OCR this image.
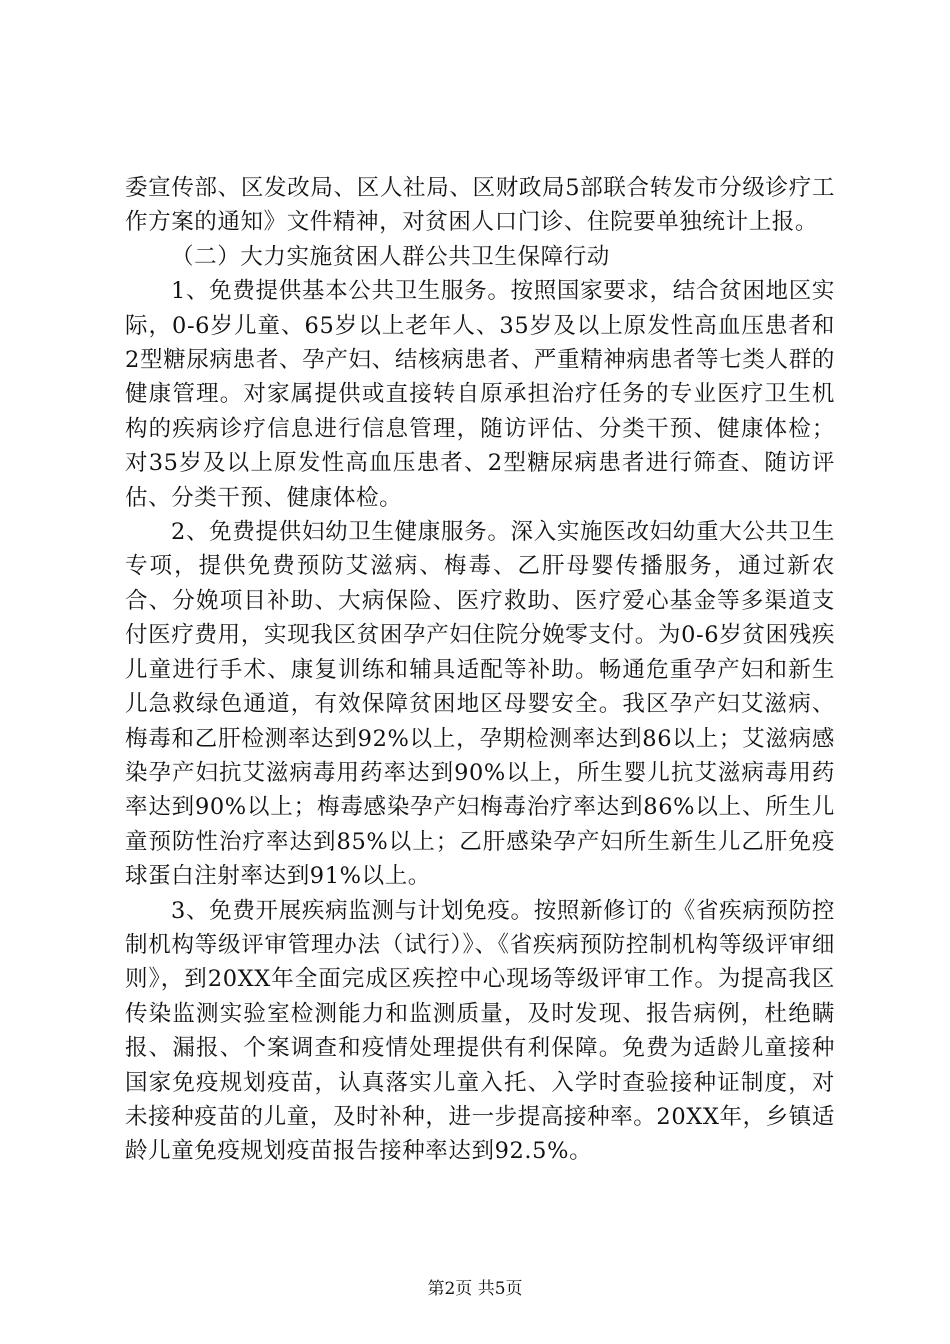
委宣传部、区发改局、区人社局、区财政局5部联合转发市分级诊疗工作方案的通知》文件精神，对贫困人口门诊、住院要单独统计上报。

（二）大力实施贫困人群公共卫生保障行动

1、免费提供基本公共卫生服务。按照国家要求，结合贫困地区实际，0-6岁儿童、65岁以上老年人、35岁及以上原发性高血压患者和2型糖尿病患者、孕产妇、结核病患者、严重精神病患者等七类人群的健康管理。对家属提供或直接转自原承担治疗任务的专业医疗卫生机构的疾病诊疗信息进行信息管理，随访评估、分类干预、健康体检；对35岁及以上原发性高血压患者、2型糖尿病患者进行筛查、随访评估、分类干预、健康体检。

2、免费提供妇幼卫生健康服务。深入实施医改妇幼重大公共卫生专项，提供免费预防艾滋病、梅毒、乙肝母婴传播服务，通过新农合、分娩项目补助、大病保险、医疗救助、医疗爱心基金等多渠道支付医疗费用，实现我区贫困孕产妇住院分娩零支付。为0-6岁贫困残疾儿童进行手术、康复训练和辅具适配等补助。畅通危重孕产妇和新生儿急救绿色通道，有效保障贫困地区母婴安全。我区孕产妇艾滋病、梅毒和乙肝检测率达到92%以上，孕期检测率达到86以上；艾滋病感染孕产妇抗艾滋病毒用药率达到90%以上，所生婴儿抗艾滋病毒用药率达到90%以上；梅毒感染孕产妇梅毒治疗率达到86%以上、所生儿童预防性治疗率达到85%以上；乙肝感染孕产妇所生新生儿乙肝免疫球蛋白注射率达到91%以上。

3、免费开展疾病监测与计划免疫。按照新修订的《省疾病预防控制机构等级评审管理办法（试行）》、《省疾病预防控制机构等级评审细则》，到20XX年全面完成区疾控中心现场等级评审工作。为提高我区传染监测实验室检测能力和监测质量，及时发现、报告病例，杜绝瞒报、漏报、个案调查和疫情处理提供有利保障。免费为适龄儿童接种国家免疫规划疫苗，认真落实儿童入托、入学时查验接种证制度，对未接种疫苗的儿童，及时补种，进一步提高接种率。20XX年，乡镇适龄儿童免疫规划疫苗报告接种率达到92.5%。

第2页 共5页
